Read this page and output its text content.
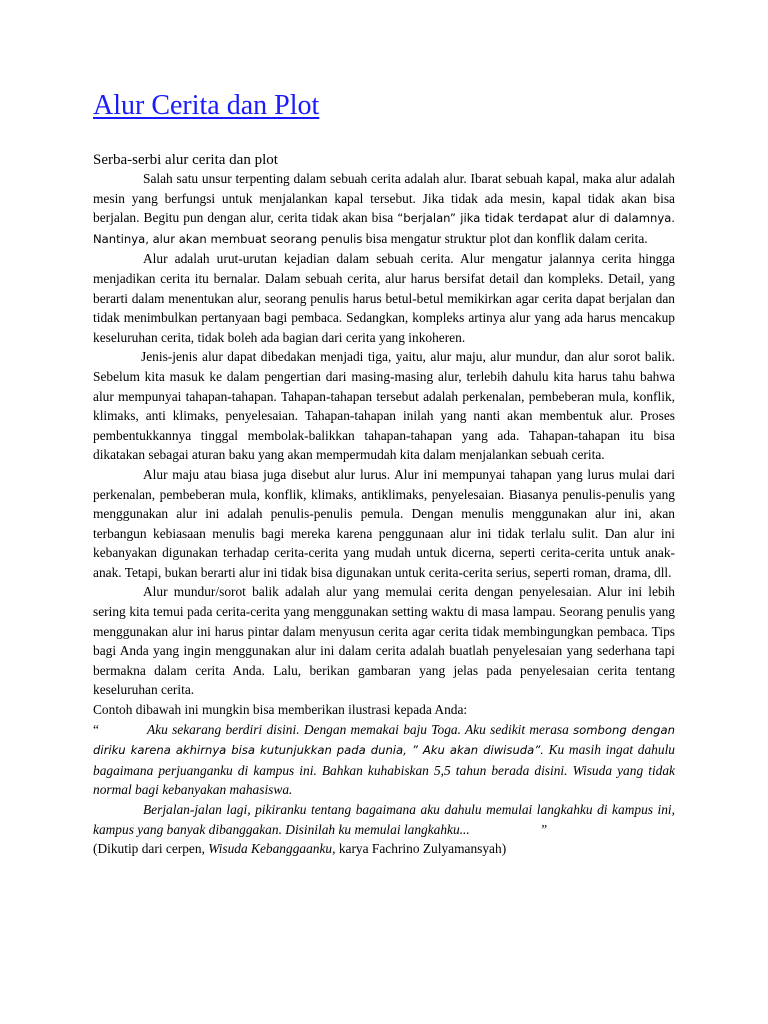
Alur Cerita dan Plot
Serba-serbi alur cerita dan plot

Salah satu unsur terpenting dalam sebuah cerita adalah alur. Ibarat sebuah kapal, maka alur adalah mesin yang berfungsi untuk menjalankan kapal tersebut. Jika tidak ada mesin, kapal tidak akan bisa berjalan. Begitu pun dengan alur, cerita tidak akan bisa “berjalan” jika tidak terdapat alur di dalamnya. Nantinya, alur akan membuat seorang penulis bisa mengatur struktur plot dan konflik dalam cerita.

Alur adalah urut-urutan kejadian dalam sebuah cerita. Alur mengatur jalannya cerita hingga menjadikan cerita itu bernalar. Dalam sebuah cerita, alur harus bersifat detail dan kompleks. Detail, yang berarti dalam menentukan alur, seorang penulis harus betul-betul memikirkan agar cerita dapat berjalan dan tidak menimbulkan pertanyaan bagi pembaca. Sedangkan, kompleks artinya alur yang ada harus mencakup keseluruhan cerita, tidak boleh ada bagian dari cerita yang inkoheren.

Jenis-jenis alur dapat dibedakan menjadi tiga, yaitu, alur maju, alur mundur, dan alur sorot balik. Sebelum kita masuk ke dalam pengertian dari masing-masing alur, terlebih dahulu kita harus tahu bahwa alur mempunyai tahapan-tahapan. Tahapan-tahapan tersebut adalah perkenalan, pembeberan mula, konflik, klimaks, anti klimaks, penyelesaian. Tahapan-tahapan inilah yang nanti akan membentuk alur. Proses pembentukkannya tinggal membolak-balikkan tahapan-tahapan yang ada. Tahapan-tahapan itu bisa dikatakan sebagai aturan baku yang akan mempermudah kita dalam menjalankan sebuah cerita.

Alur maju atau biasa juga disebut alur lurus. Alur ini mempunyai tahapan yang lurus mulai dari perkenalan, pembeberan mula, konflik, klimaks, antiklimaks, penyelesaian. Biasanya penulis-penulis yang menggunakan alur ini adalah penulis-penulis pemula. Dengan menulis menggunakan alur ini, akan terbangun kebiasaan menulis bagi mereka karena penggunaan alur ini tidak terlalu sulit. Dan alur ini kebanyakan digunakan terhadap cerita-cerita yang mudah untuk dicerna, seperti cerita-cerita untuk anak-anak. Tetapi, bukan berarti alur ini tidak bisa digunakan untuk cerita-cerita serius, seperti roman, drama, dll.

Alur mundur/sorot balik adalah alur yang memulai cerita dengan penyelesaian. Alur ini lebih sering kita temui pada cerita-cerita yang menggunakan setting waktu di masa lampau. Seorang penulis yang menggunakan alur ini harus pintar dalam menyusun cerita agar cerita tidak membingungkan pembaca. Tips bagi Anda yang ingin menggunakan alur ini dalam cerita adalah buatlah penyelesaian yang sederhana tapi bermakna dalam cerita Anda. Lalu, berikan gambaran yang jelas pada penyelesaian cerita tentang keseluruhan cerita.

Contoh dibawah ini mungkin bisa memberikan ilustrasi kepada Anda:

“	Aku sekarang berdiri disini. Dengan memakai baju Toga. Aku sedikit merasa sombong dengan diriku karena akhirnya bisa kutunjukkan pada dunia, ” Aku akan diwisuda”. Ku masih ingat dahulu bagaimana perjuanganku di kampus ini. Bahkan kuhabiskan 5,5 tahun berada disini. Wisuda yang tidak normal bagi kebanyakan mahasiswa.

Berjalan-jalan lagi, pikiranku tentang bagaimana aku dahulu memulai langkahku di kampus ini, kampus yang banyak dibanggakan. Disinilah ku memulai langkahku...	”

(Dikutip dari cerpen, Wisuda Kebanggaanku, karya Fachrino Zulyamansyah)
